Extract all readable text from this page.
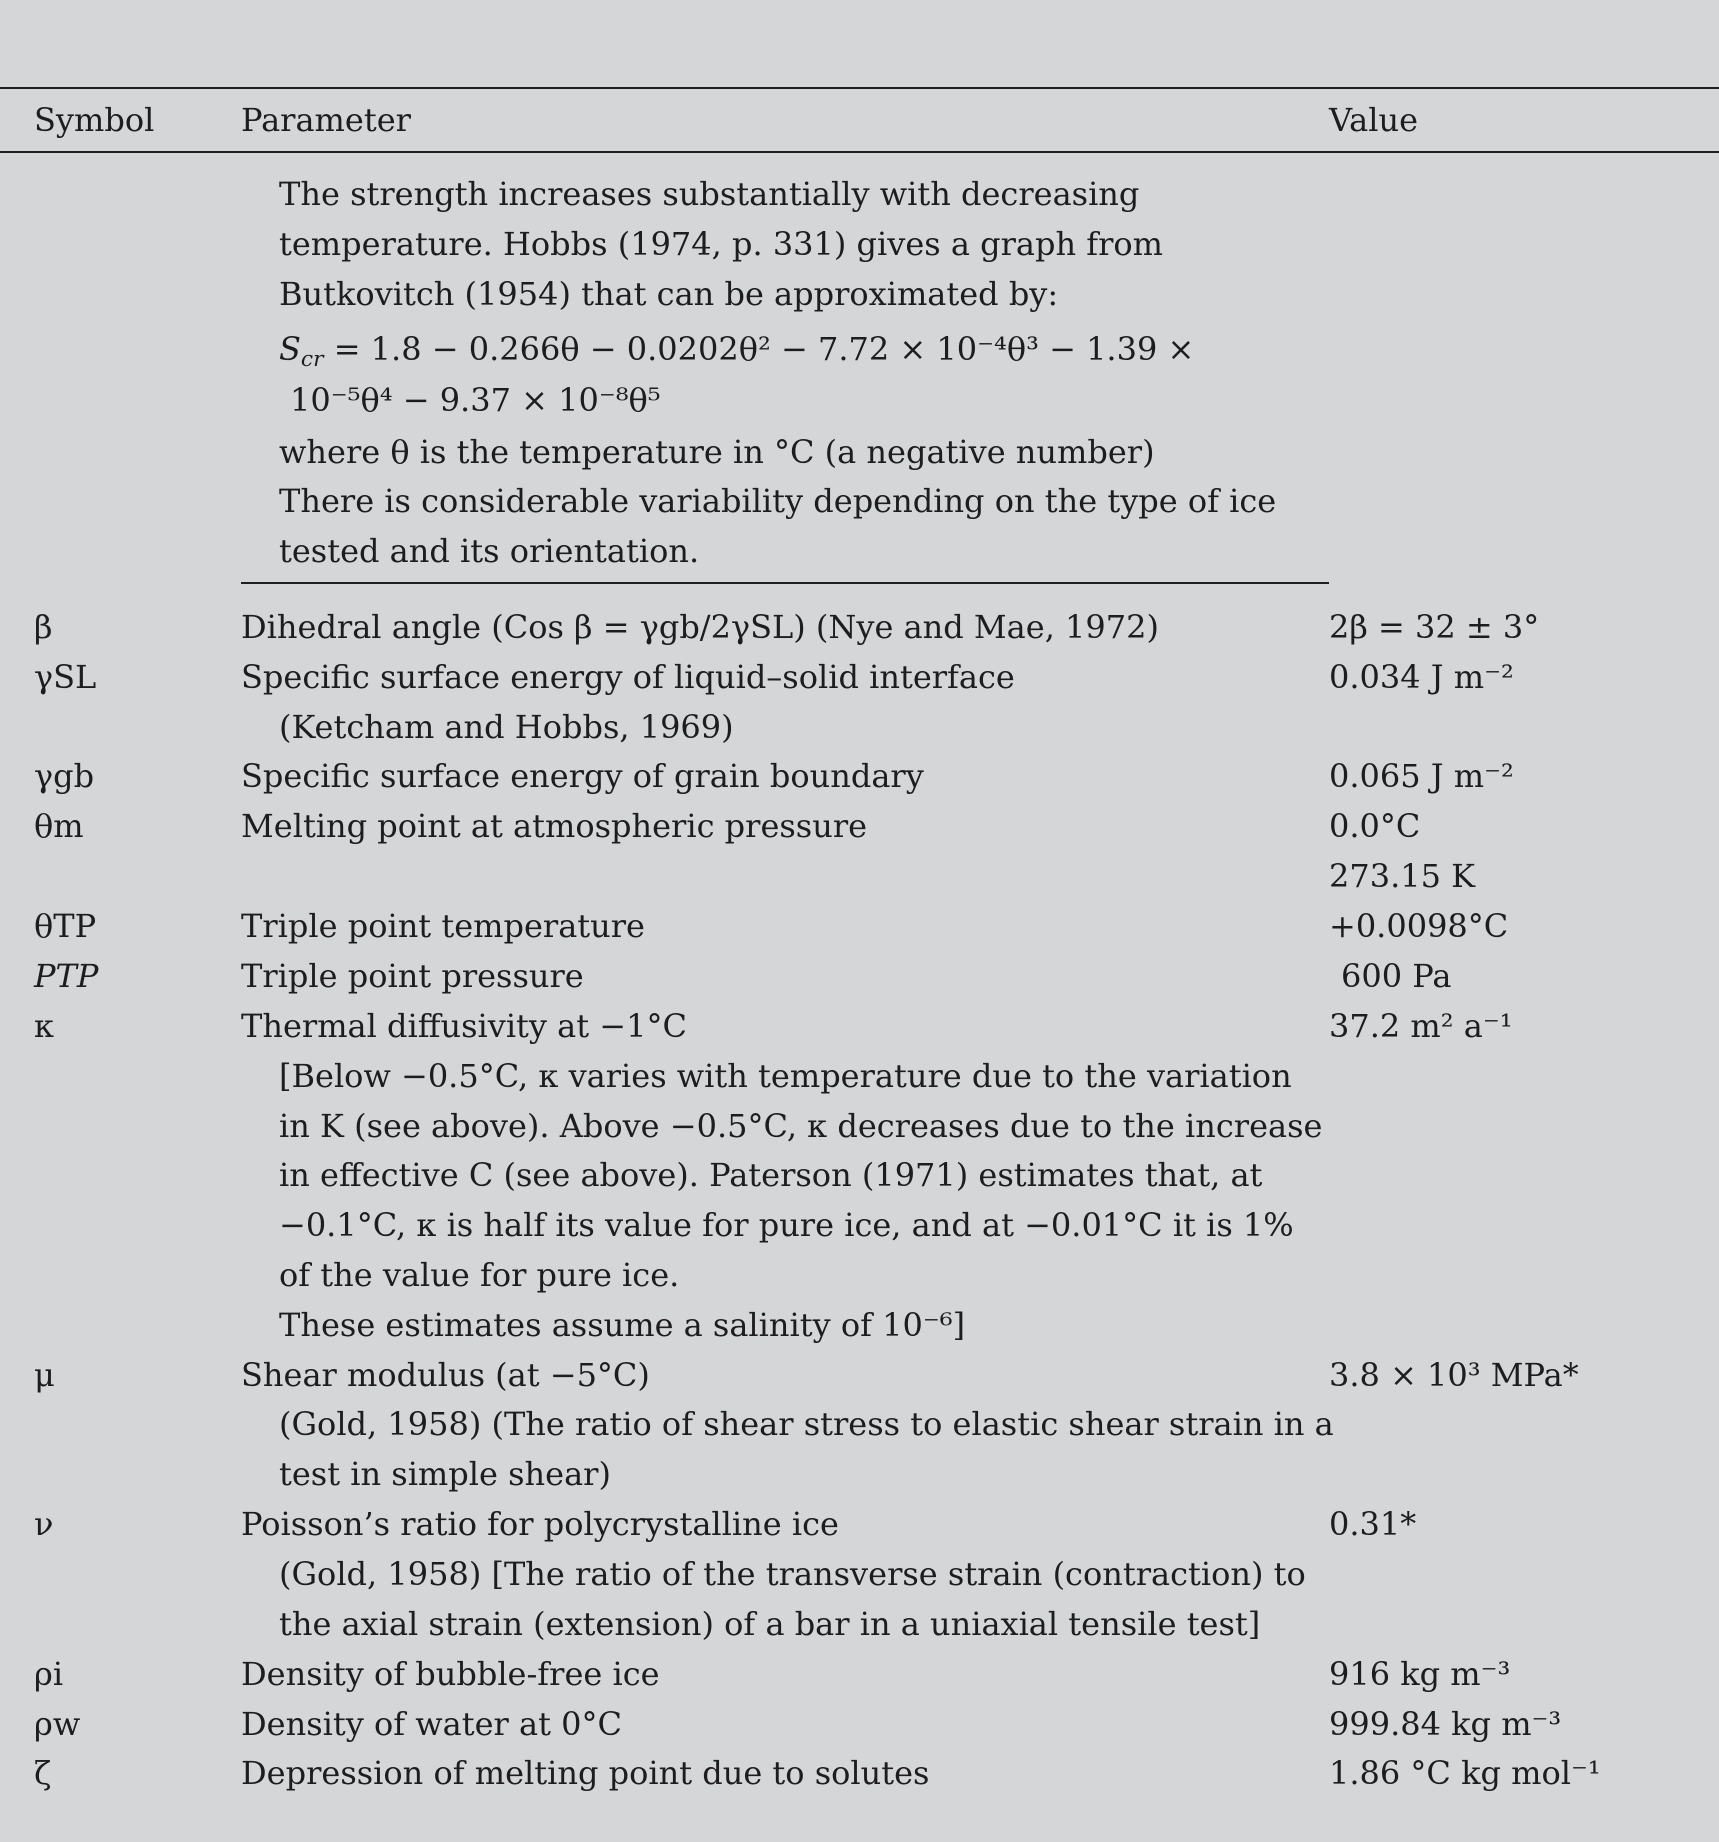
Symbol	Parameter	Value
The strength increases substantially with decreasing
temperature. Hobbs (1974, p. 331) gives a graph from
Butkovitch (1954) that can be approximated by:
$S_{cr} = 1.8 - 0.266\theta - 0.0202\theta^2 - 7.72 \times 10^{-4}\theta^3 - 1.39$ ×
10⁻⁵θ⁴ − 9.37 × 10⁻⁸θ⁵
where θ is the temperature in °C (a negative number)
There is considerable variability depending on the type of ice
tested and its orientation.
β	Dihedral angle (Cos β = γgb/2γSL) (Nye and Mae, 1972)	2β = 32 ± 3°
γSL	Specific surface energy of liquid–solid interface	0.034 J m⁻²
(Ketcham and Hobbs, 1969)
γgb	Specific surface energy of grain boundary	0.065 J m⁻²
θm	Melting point at atmospheric pressure	0.0°C
273.15 K
θTP	Triple point temperature	+0.0098°C
PTP	Triple point pressure	600 Pa
κ	Thermal diffusivity at −1°C	37.2 m² a⁻¹
[Below −0.5°C, κ varies with temperature due to the variation
in K (see above). Above −0.5°C, κ decreases due to the increase
in effective C (see above). Paterson (1971) estimates that, at
−0.1°C, κ is half its value for pure ice, and at −0.01°C it is 1%
of the value for pure ice.
These estimates assume a salinity of 10⁻⁶]
μ	Shear modulus (at −5°C)	3.8 × 10³ MPa*
(Gold, 1958) (The ratio of shear stress to elastic shear strain in a
test in simple shear)
ν	Poisson’s ratio for polycrystalline ice	0.31*
(Gold, 1958) [The ratio of the transverse strain (contraction) to
the axial strain (extension) of a bar in a uniaxial tensile test]
ρi	Density of bubble-free ice	916 kg m⁻³
ρw	Density of water at 0°C	999.84 kg m⁻³
ζ	Depression of melting point due to solutes	1.86 °C kg mol⁻¹
